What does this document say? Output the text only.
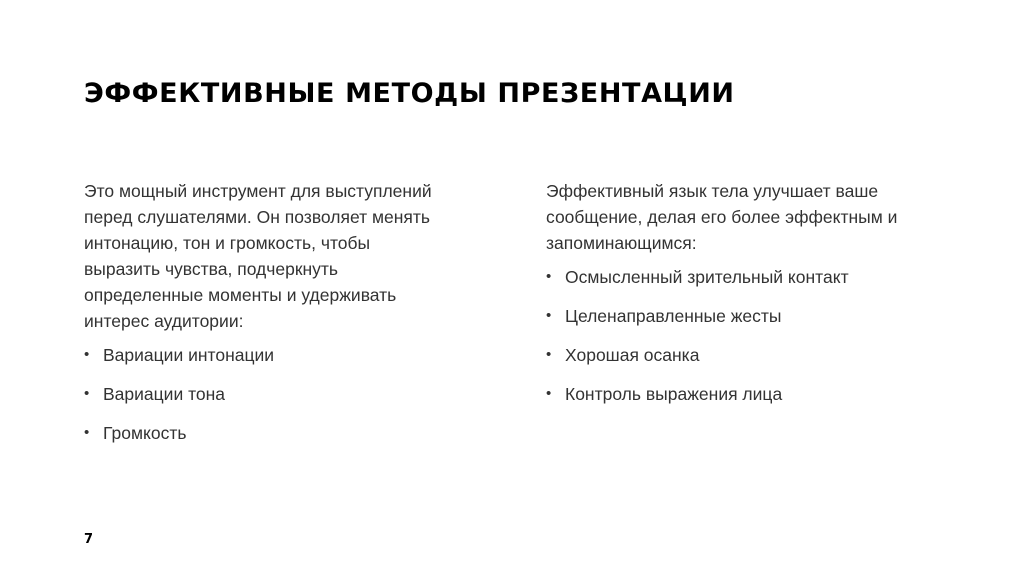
ЭФФЕКТИВНЫЕ МЕТОДЫ ПРЕЗЕНТАЦИИ

Это мощный инструмент для выступлений
перед слушателями. Он позволяет менять
интонацию, тон и громкость, чтобы
выразить чувства, подчеркнуть
определенные моменты и удерживать
интерес аудитории:

• Вариации интонации
• Вариации тона
• Громкость

Эффективный язык тела улучшает ваше
сообщение, делая его более эффектным и
запоминающимся:

• Осмысленный зрительный контакт
• Целенаправленные жесты
• Хорошая осанка
• Контроль выражения лица
7
